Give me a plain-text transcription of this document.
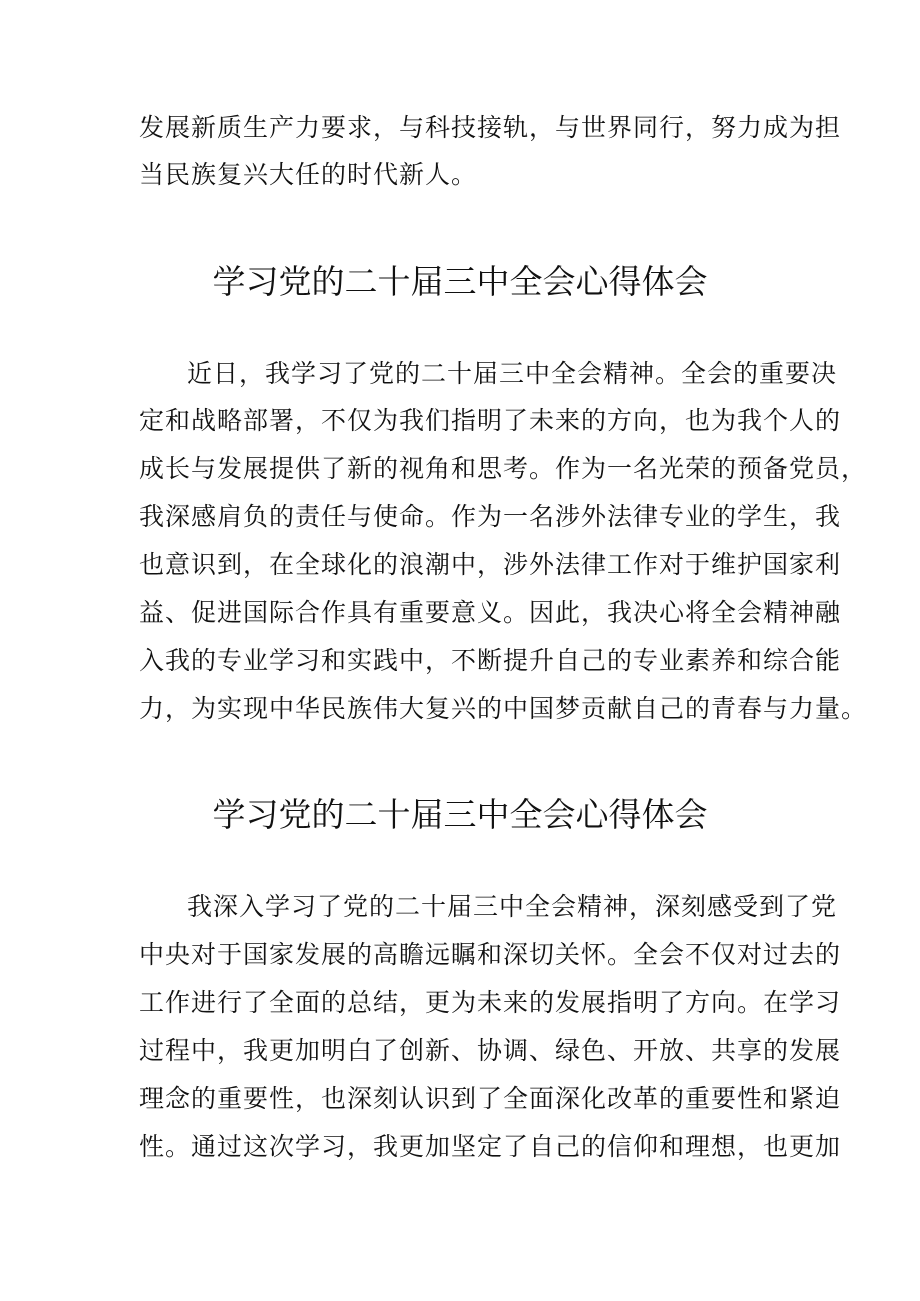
发展新质生产力要求，与科技接轨，与世界同行，努力成为担
当民族复兴大任的时代新人。
学习党的二十届三中全会心得体会
近日，我学习了党的二十届三中全会精神。全会的重要决
定和战略部署，不仅为我们指明了未来的方向，也为我个人的
成长与发展提供了新的视角和思考。作为一名光荣的预备党员，
我深感肩负的责任与使命。作为一名涉外法律专业的学生，我
也意识到，在全球化的浪潮中，涉外法律工作对于维护国家利
益、促进国际合作具有重要意义。因此，我决心将全会精神融
入我的专业学习和实践中，不断提升自己的专业素养和综合能
力，为实现中华民族伟大复兴的中国梦贡献自己的青春与力量。
学习党的二十届三中全会心得体会
我深入学习了党的二十届三中全会精神，深刻感受到了党
中央对于国家发展的高瞻远瞩和深切关怀。全会不仅对过去的
工作进行了全面的总结，更为未来的发展指明了方向。在学习
过程中，我更加明白了创新、协调、绿色、开放、共享的发展
理念的重要性，也深刻认识到了全面深化改革的重要性和紧迫
性。通过这次学习，我更加坚定了自己的信仰和理想，也更加
